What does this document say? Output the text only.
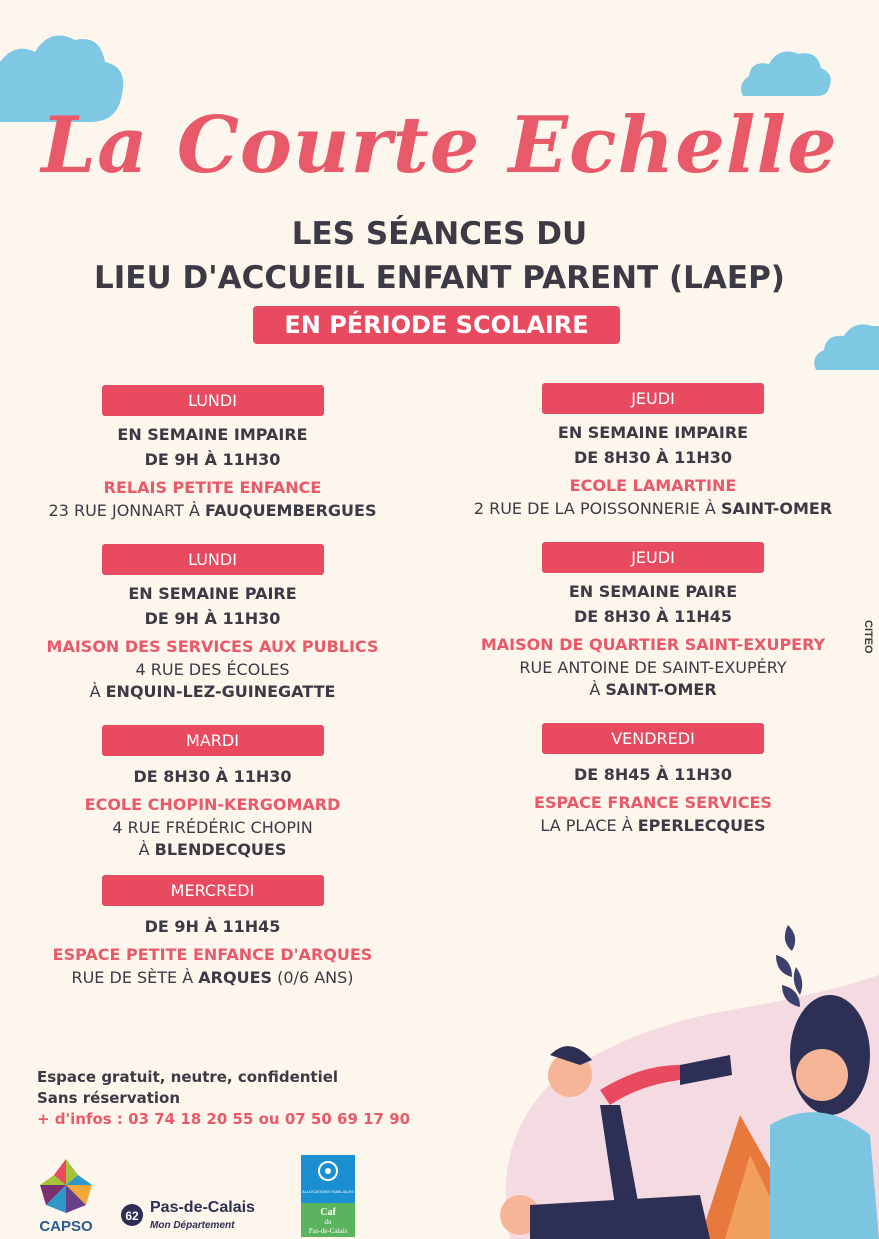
La Courte Echelle
LES SÉANCES DU
LIEU D'ACCUEIL ENFANT PARENT (LAEP)
EN PÉRIODE SCOLAIRE
LUNDI
EN SEMAINE IMPAIRE
DE 9H À 11H30
RELAIS PETITE ENFANCE
23 RUE JONNART À FAUQUEMBERGUES
LUNDI
EN SEMAINE PAIRE
DE 9H À 11H30
MAISON DES SERVICES AUX PUBLICS
4 RUE DES ÉCOLES
À ENQUIN-LEZ-GUINEGATTE
MARDI
DE 8H30 À 11H30
ECOLE CHOPIN-KERGOMARD
4 RUE FRÉDÉRIC CHOPIN
À BLENDECQUES
MERCREDI
DE 9H À 11H45
ESPACE PETITE ENFANCE D'ARQUES
RUE DE SÈTE À ARQUES (0/6 ANS)
JEUDI
EN SEMAINE IMPAIRE
DE 8H30 À 11H30
ECOLE LAMARTINE
2 RUE DE LA POISSONNERIE À SAINT-OMER
JEUDI
EN SEMAINE PAIRE
DE 8H30 À 11H45
MAISON DE QUARTIER SAINT-EXUPERY
RUE ANTOINE DE SAINT-EXUPÉRY
À SAINT-OMER
VENDREDI
DE 8H45 À 11H30
ESPACE FRANCE SERVICES
LA PLACE À EPERLECQUES
CITEO
Espace gratuit, neutre, confidentiel
Sans réservation
+ d'infos : 03 74 18 20 55 ou 07 50 69 17 90
CAPSO
62 Pas-de-Calais
Mon Département
ALLOCATIONS FAMILIALES
Caf
du
Pas-de-Calais
